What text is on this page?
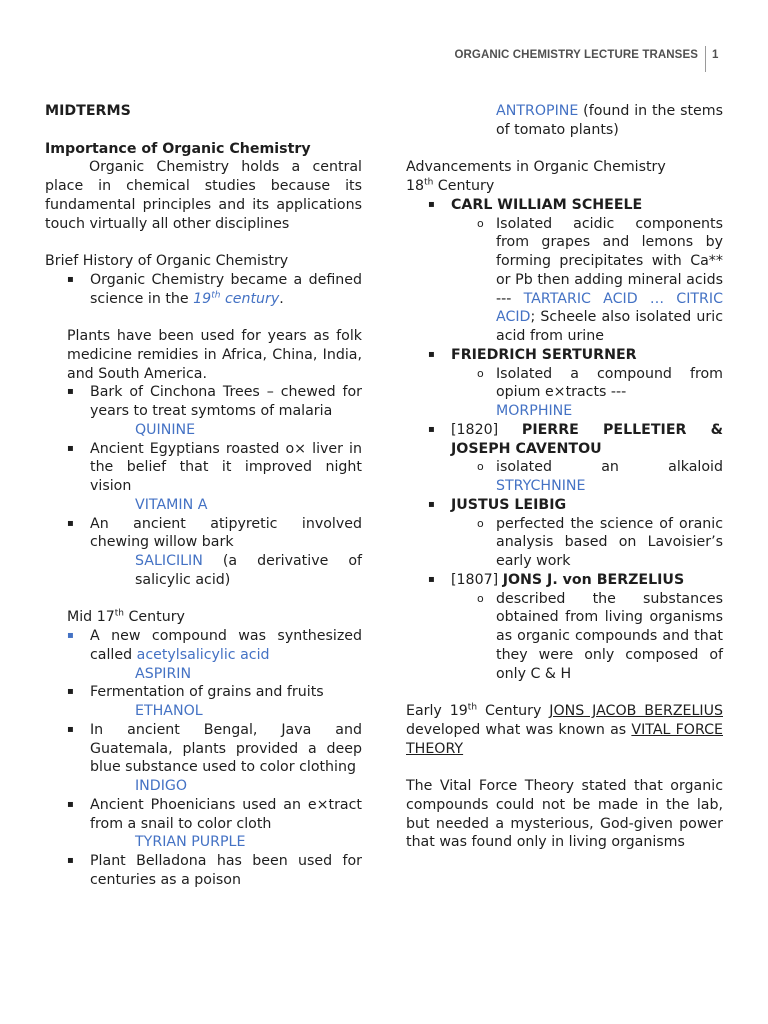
ORGANIC CHEMISTRY LECTURE TRANSES 1

MIDTERMS

Importance of Organic Chemistry

Organic Chemistry holds a central place in chemical studies because its fundamental principles and its applications touch virtually all other disciplines

Brief History of Organic Chemistry

▪ Organic Chemistry became a defined science in the 19th century.

Plants have been used for years as folk medicine remidies in Africa, China, India, and South America.

▪ Bark of Cinchona Trees – chewed for years to treat symtoms of malaria

QUININE

▪ Ancient Egyptians roasted o× liver in the belief that it improved night vision

VITAMIN A

▪ An ancient atipyretic involved chewing willow bark

SALICILIN (a derivative of salicylic acid)

Mid 17th Century

▪ A new compound was synthesized called acetylsalicylic acid

ASPIRIN

▪ Fermentation of grains and fruits

ETHANOL

▪ In ancient Bengal, Java and Guatemala, plants provided a deep blue substance used to color clothing

INDIGO

▪ Ancient Phoenicians used an e×tract from a snail to color cloth

TYRIAN PURPLE

▪ Plant Belladona has been used for centuries as a poison

ANTROPINE (found in the stems of tomato plants)

Advancements in Organic Chemistry

18th Century

▪ CARL WILLIAM SCHEELE
o Isolated acidic components from grapes and lemons by forming precipitates with Ca** or Pb then adding mineral acids --- TARTARIC ACID … CITRIC ACID; Scheele also isolated uric acid from urine
▪ FRIEDRICH SERTURNER
o Isolated a compound from opium e×tracts ---

MORPHINE

▪ [1820] PIERRE PELLETIER & JOSEPH CAVENTOU
o isolated an alkaloid

STRYCHNINE

▪ JUSTUS LEIBIG
o perfected the science of oranic analysis based on Lavoisier’s early work
▪ [1807] JONS J. von BERZELIUS
o described the substances obtained from living organisms as organic compounds and that they were only composed of only C & H

Early 19th Century JONS JACOB BERZELIUS developed what was known as VITAL FORCE THEORY

The Vital Force Theory stated that organic compounds could not be made in the lab, but needed a mysterious, God-given power that was found only in living organisms
